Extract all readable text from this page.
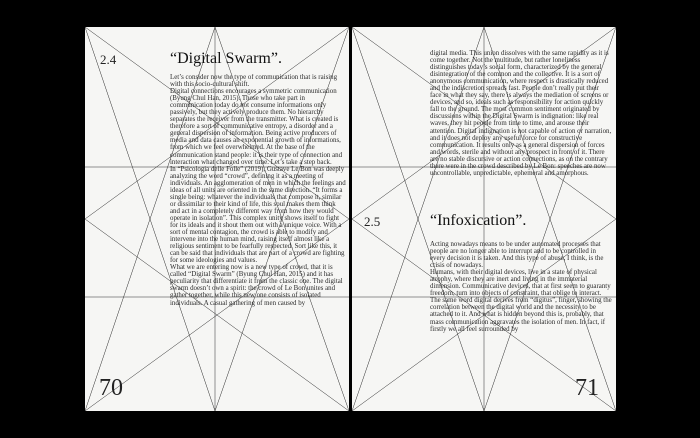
2.4	“Digital Swarm”.

Let’s consider now the type of communication that is raising with this socio-cultural shift.

Digital connections encourages a symmetric communication (Byung Chul Han, 2015). Those who take part in communication today do not consume informations only passively, but they actively produce them. No hierarchy separates the receiver from the transmitter. What is created is therefore a sort of communicative entropy, a disorder and a general dispersion of information. Being active producers of media and data causes an exponential growth of informations, from which we feel overwhelmed. At the base of the communication stand people: it is their type of connection and interaction what changed over time. Let’s take a step back.

In “Psicologia delle Folle” (2019), Gustave Le Bon was deeply analyzing the word “crowd”, defining it as a meeting of individuals. An agglomeration of men in which the feelings and ideas of all units are oriented in the same direction. “It forms a single being: whatever the individuals that compose it, similar or dissimilar to their kind of life, this soul makes them think and act in a completely different way from how they would operate in isolation”. This complex unity shows itself to fight for its ideals and it shout them out with a unique voice. With a sort of mental contagion, the crowd is able to modify and intervene into the human mind, raising itself almost like a religious sentiment to be fearfully respected. Sort like this, it can be said that individuals that are part of a crowd are fighting for some ideologies and values.

What we are entering now is a new type of crowd, that it is called “Digital Swarm” (Byung Chul Han, 2015) and it has peculiarity that differentiate it from the classic one. The digital swarm doesn’t own a spirit: the crowd of Le Bon unites and gather together, while this new one consists of isolated individuals. A casual gathering of men caused by

70

digital media. This union dissolves with the same rapidity as it is come together. Not the multitude, but rather loneliness distinguishes today’s social form, characterized by the general disintegration of the common and the collective. It is a sort of anonymous communication, where respect is drastically reduced and the indiscretion spreads fast. People don’t really put their face in what they say, there is always the mediation of screens or devices, and so, ideals such as responsibility for action quickly fall to the ground. The most common sentiment originated by discussions within the Digital Swarm is indignation: like real waves, they hit people from time to time, and arouse their attention. Digital indignation is not capable of action or narration, and it does not deploy any useful force for constructive communication. It results only as a general dispersion of forces and words, sterile and without any prospect in front of it. There are no stable discursive or action connections, as on the contrary there were in the crowd described by Le Bon: speeches are now uncontrollable, unpredictable, ephemeral and amorphous.

2.5	“Infoxication”.

Acting nowadays means to be under automated processes that people are no longer able to interrupt and to be controlled in every decision it is taken. And this type of abuse, I think, is the crisis of nowadays.

Humans, with their digital devices, live in a state of physical atrophy, where they are inert and living in the immaterial dimension. Communicative devices, that at first seem to guaranty freedom, turn into objects of constraint, that oblige to interact. The same word digital derives from “digitus”, finger, showing the correlation between the digital world and the necessity to be attached to it. And what is hidden beyond this is, probably, that mass communication aggravates the isolation of men. In fact, if firstly we all feel surrounded by

71
